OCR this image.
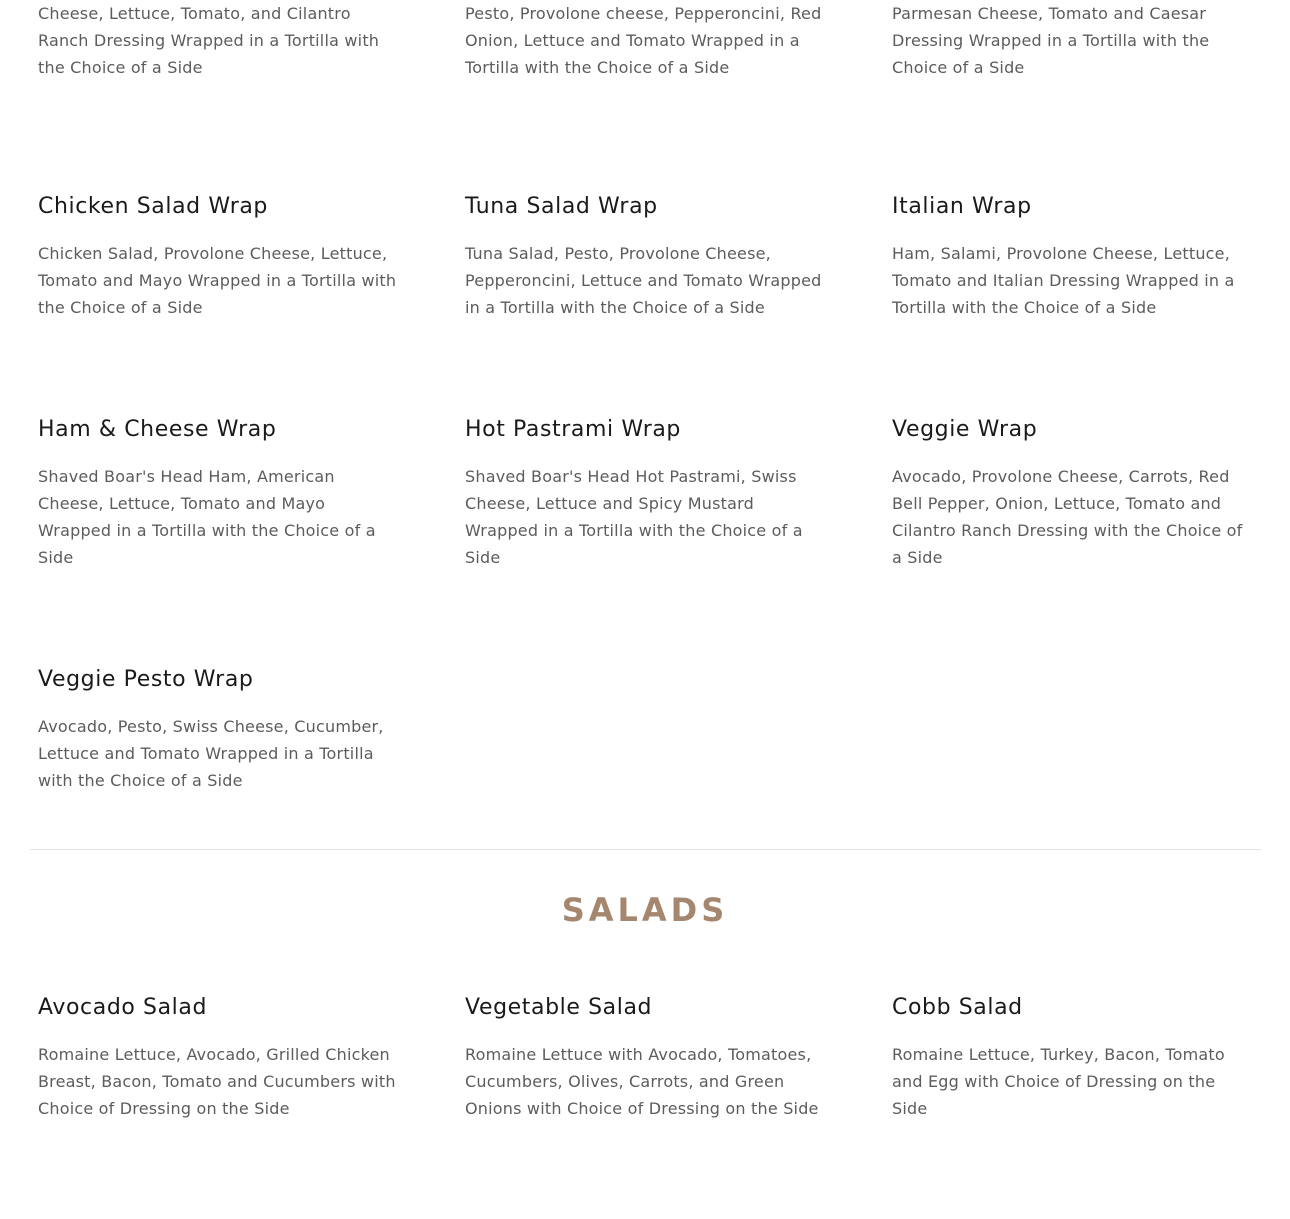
Cheese, Lettuce, Tomato, and Cilantro Ranch Dressing Wrapped in a Tortilla with the Choice of a Side

Pesto, Provolone cheese, Pepperoncini, Red Onion, Lettuce and Tomato Wrapped in a Tortilla with the Choice of a Side

Parmesan Cheese, Tomato and Caesar Dressing Wrapped in a Tortilla with the Choice of a Side

Chicken Salad Wrap

Chicken Salad, Provolone Cheese, Lettuce, Tomato and Mayo Wrapped in a Tortilla with the Choice of a Side

Tuna Salad Wrap

Tuna Salad, Pesto, Provolone Cheese, Pepperoncini, Lettuce and Tomato Wrapped in a Tortilla with the Choice of a Side

Italian Wrap

Ham, Salami, Provolone Cheese, Lettuce, Tomato and Italian Dressing Wrapped in a Tortilla with the Choice of a Side

Ham & Cheese Wrap

Shaved Boar's Head Ham, American Cheese, Lettuce, Tomato and Mayo Wrapped in a Tortilla with the Choice of a Side

Hot Pastrami Wrap

Shaved Boar's Head Hot Pastrami, Swiss Cheese, Lettuce and Spicy Mustard Wrapped in a Tortilla with the Choice of a Side

Veggie Wrap

Avocado, Provolone Cheese, Carrots, Red Bell Pepper, Onion, Lettuce, Tomato and Cilantro Ranch Dressing with the Choice of a Side

Veggie Pesto Wrap

Avocado, Pesto, Swiss Cheese, Cucumber, Lettuce and Tomato Wrapped in a Tortilla with the Choice of a Side

SALADS
Avocado Salad

Romaine Lettuce, Avocado, Grilled Chicken Breast, Bacon, Tomato and Cucumbers with Choice of Dressing on the Side

Vegetable Salad

Romaine Lettuce with Avocado, Tomatoes, Cucumbers, Olives, Carrots, and Green Onions with Choice of Dressing on the Side

Cobb Salad

Romaine Lettuce, Turkey, Bacon, Tomato and Egg with Choice of Dressing on the Side
